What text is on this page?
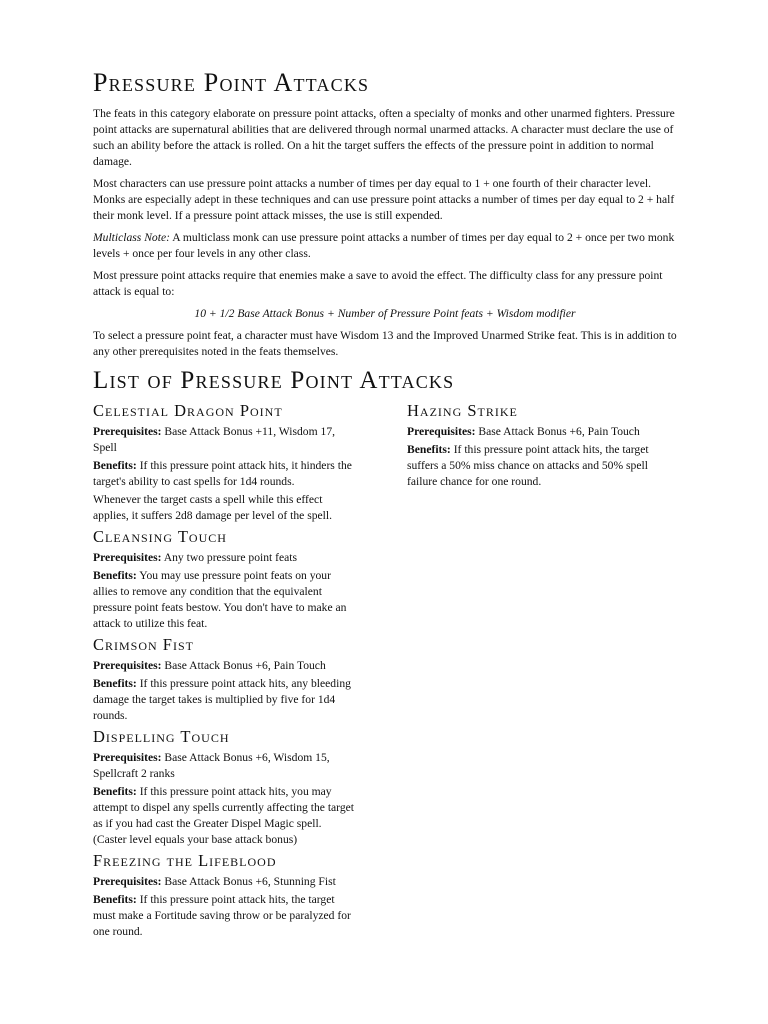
Pressure Point Attacks

The feats in this category elaborate on pressure point attacks, often a specialty of monks and other unarmed fighters. Pressure point attacks are supernatural abilities that are delivered through normal unarmed attacks. A character must declare the use of such an ability before the attack is rolled. On a hit the target suffers the effects of the pressure point in addition to normal damage.

Most characters can use pressure point attacks a number of times per day equal to 1 + one fourth of their character level. Monks are especially adept in these techniques and can use pressure point attacks a number of times per day equal to 2 + half their monk level. If a pressure point attack misses, the use is still expended.

Multiclass Note: A multiclass monk can use pressure point attacks a number of times per day equal to 2 + once per two monk levels + once per four levels in any other class.

Most pressure point attacks require that enemies make a save to avoid the effect. The difficulty class for any pressure point attack is equal to:

10 + 1/2 Base Attack Bonus + Number of Pressure Point feats + Wisdom modifier

To select a pressure point feat, a character must have Wisdom 13 and the Improved Unarmed Strike feat. This is in addition to any other prerequisites noted in the feats themselves.

List of Pressure Point Attacks
Celestial Dragon Point

Prerequisites: Base Attack Bonus +11, Wisdom 17, Spell

Benefits: If this pressure point attack hits, it hinders the target's ability to cast spells for 1d4 rounds.

Whenever the target casts a spell while this effect applies, it suffers 2d8 damage per level of the spell.

Cleansing Touch

Prerequisites: Any two pressure point feats

Benefits: You may use pressure point feats on your allies to remove any condition that the equivalent pressure point feats bestow. You don't have to make an attack to utilize this feat.

Crimson Fist

Prerequisites: Base Attack Bonus +6, Pain Touch

Benefits: If this pressure point attack hits, any bleeding damage the target takes is multiplied by five for 1d4 rounds.

Dispelling Touch

Prerequisites: Base Attack Bonus +6, Wisdom 15, Spellcraft 2 ranks

Benefits: If this pressure point attack hits, you may attempt to dispel any spells currently affecting the target as if you had cast the Greater Dispel Magic spell. (Caster level equals your base attack bonus)

Freezing the Lifeblood

Prerequisites: Base Attack Bonus +6, Stunning Fist

Benefits: If this pressure point attack hits, the target must make a Fortitude saving throw or be paralyzed for one round.

Hazing Strike

Prerequisites: Base Attack Bonus +6, Pain Touch

Benefits: If this pressure point attack hits, the target suffers a 50% miss chance on attacks and 50% spell failure chance for one round.
